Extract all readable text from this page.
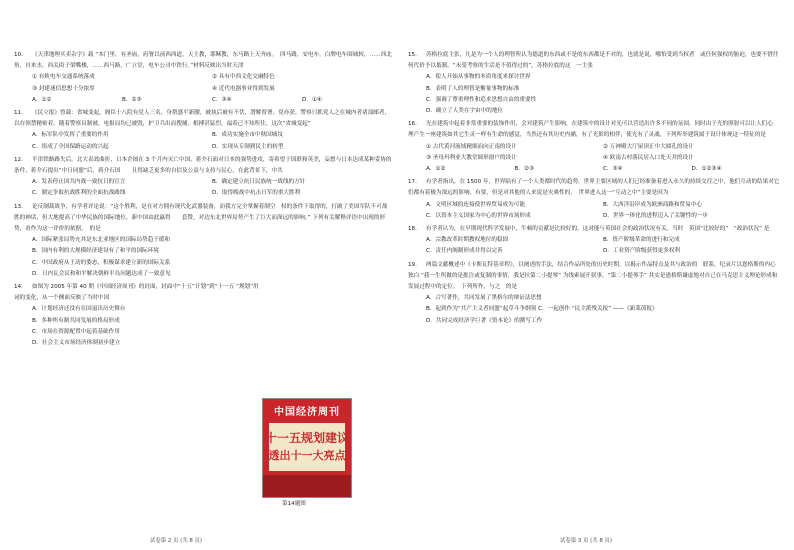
10. 《天津地理买卖杂字》载 “本门里，有圣庙，府署以前西西道，天主教，耶稣教，东马路上天齐庙。　四马路，安电车，白牌电车围城转，……西北角，自来水，西关街子梁嘴楼，……西马路，广立堂，电车公司中铁行。”材料反映出当时天津
① 有轨电车交通系统落成	② 具有中西文化交融特色
③ 封建迷信思想十分浓厚	④ 近代电器事业得到发展
A．①②	B．②③	C．③④	D．①④
11. 《民立报》曾载：省城变起，阁臣十八院有党人三名，身帮盛平新腰，被执后被有不伏，潜解督署，党亦获。警察只抓党人之在城内者诸部邮者，以存领禁精密着，随着警察员制被，电报局均已被毁，护卫兵出而搜捕，相搏甚猛烈，福着已不知所往，这次“省城变起”
A．标军队中发挥了重要的作用	B．成功实施全市中秋国城坟
C．组成了全国保路运动的兴起	D．实现从专制到民主的转型
12. 平津铁路路失后，北大表效曲折，日本企图在 3 个月内灭亡中国，蒋介石面对日本的强势进攻，寄希望于国联和英美，妄想与日本达成某种妥协的条件，蒋介石提出“中日同盟”后，蒋介石国　　且得缺乏更多的自信及公益与支持与民心，在此背景下，中共
A．发表停止国共内战一致抗日的宣言	B．确定建立抗日民族统一战线的方针
C．制定争取抗战胜利的全面抗战路线	D．取得晚战中抗击日军的重大胜利
13. 论反制裁战争，有学者评论说：“这个胜利，是在对方拥有现代化武器装备，而我方完全掌握着制空　权的条件下取得的，打破了美国军队不可战胜的神话，但大地提高了中华民族的国际地位，新中国由此赢得　　套赞，对边东北世界局势产生了巨大而深远的影响。” 下列有关解释评语中出现的形势，看作为这一评价的依据，　的是
A．国际紧张局势充其是东北亚地区的国际局势趋于缓和
B．国内有利的大规模经济建设有了和平的国际环境
C．中国政府从王动的姿态，积极谋求建立新的国际关系
D．日内瓦会议和和平解决朝鲜半岛问题达成了一致意见
14. 如图为 2005 年第 40 期《中国经济周刊》的封面，封面中“十五”计划”到“十一五 “规划”用词的变化，从一个侧面反映了当时中国
A．计划经济还没有在国退出历史舞台
B．多种所有制共同发展的格局形成
C．市场在资源配置中起着基础作用
D．社会主义市场经济体制初步建立
15. 苏格拉底主张，凡是为一个人的理智所认为德道的东西或不是的东西都是不对的，也就是说，哪怕受到当权者　或任何强权的胁迫，也要不惜任何代价予以抵制。“未受考察的生活是不值得过的”，苏格拉底的这　一主张
A．使人开始从事物的本质角度来探讨世界
B．表明了人的理智是衡量事物的标准
C．强调了尊重理性和追求思想自由的重要性
D．确立了人类在宇宙中的地位
16. 光在建筑中起着非常重要的装饰作用，会对建筑产生影响，在建筑中的设计对光可以营造出许多不同的氛围，同时由于光的照射可以让人们心　　理产生一座建筑如其它生灵一样有生命的感觉，当然还有其历史内涵，有了光影的相伴，使光有了灵魂，下列所举建筑属于设计体现这一特征的是
① 古代黄河流域精细而向正南的设计	② 万神殿大厅屋顶正中大圆孔的设计
③ 圣母玛利亚大教堂圆形窗户的设计	④ 欧南古村落民居入口处天井的设计
A．①②	B．②③	C．③④	D．①②③④
17. 有学者指出，在 1500 年，世界陆有了一个人类都时代的趋势，世界主要区域的人们已经准备着进入永久的持续交往之中，他们互动的结果对它们都有着极为深远的影响，有要，但是对其他的人来说是灾难性的，　世界进入这一“互动之中”主要是因为
A．文明区域的连接使世界贸易成为可能	B．大西洋沿岸成为欧洲商路和贸易中心
C．以资本主义国家为中心的世界市场形成	D．世界一体化的进程迈入了关键性的一步
18. 有学者认为，在早期现代科学发展中，牛顿的贡献是比较好的，这对能与英国社会的政治状况有关。当时　英国“比较好的”　“政治状况” 是
A．宗教改革时期教权地位的稳固	B．资产阶级革命的进行和完成
C．责任内阁制形成并得以完善	D．工业资产阶级获得更多权利
19. 两篇文献概述中《卡斯瓦特基章程》，以阐述的手法，结合作品所处的历史时期，以揭示作品特点及其与政治的　联系。纪录片以恩格斯的内心独白 “我一生所做的是批注或复制的事情，我是拉第二小提琴” 为线索展开叙事，“第二小提琴手” 其实是恩格斯谦虚地对自己在马克思主义理论形成和发展过程中的定位。　下列所作，与之　的是
A．合写著作，共同发展了黑格尔的辩证法思想
B．起到作为“共产主义者同盟”起草斗争纲领 C．一起创作 “民主派残关报” ——《新莱茵报》
D．共同完成经济学巨著《资本论》的撰写工作
中国经济周刊
十一五规划建议
透出十一大亮点
第14题图
试卷第 2 页 (共 8 页)	试卷第 3 页 (共 8 页)
